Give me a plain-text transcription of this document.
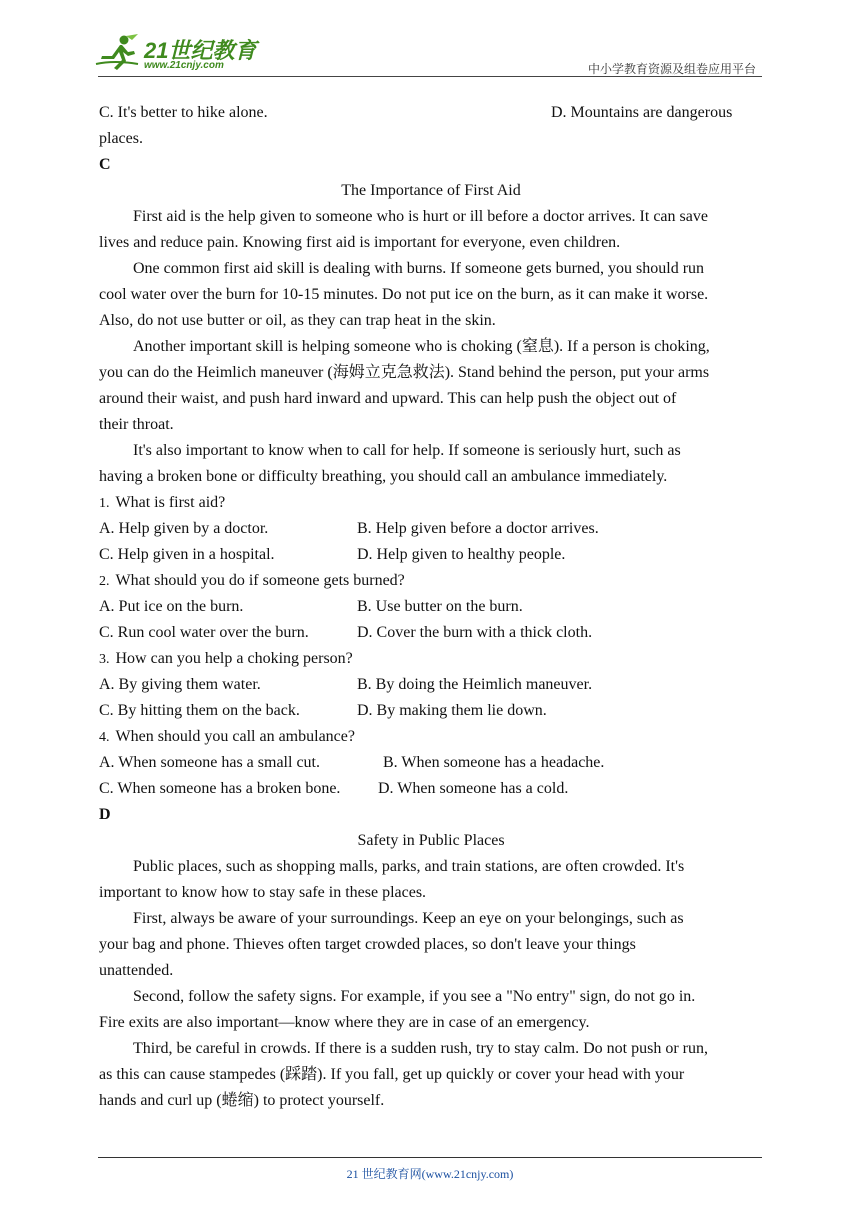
21世纪教育
www.21cnjy.com	中小学教育资源及组卷应用平台
C. It's better to hike alone.	D. Mountains are dangerous
places.
C
The Importance of First Aid
First aid is the help given to someone who is hurt or ill before a doctor arrives. It can save
lives and reduce pain. Knowing first aid is important for everyone, even children.
One common first aid skill is dealing with burns. If someone gets burned, you should run
cool water over the burn for 10-15 minutes. Do not put ice on the burn, as it can make it worse.
Also, do not use butter or oil, as they can trap heat in the skin.
Another important skill is helping someone who is choking (窒息). If a person is choking,
you can do the Heimlich maneuver (海姆立克急救法). Stand behind the person, put your arms
around their waist, and push hard inward and upward. This can help push the object out of
their throat.
It's also important to know when to call for help. If someone is seriously hurt, such as
having a broken bone or difficulty breathing, you should call an ambulance immediately.
1. What is first aid?
A. Help given by a doctor.	B. Help given before a doctor arrives.
C. Help given in a hospital.	D. Help given to healthy people.
2. What should you do if someone gets burned?
A. Put ice on the burn.	B. Use butter on the burn.
C. Run cool water over the burn.	D. Cover the burn with a thick cloth.
3. How can you help a choking person?
A. By giving them water.	B. By doing the Heimlich maneuver.
C. By hitting them on the back.	D. By making them lie down.
4. When should you call an ambulance?
A. When someone has a small cut.	B. When someone has a headache.
C. When someone has a broken bone. D. When someone has a cold.
D
Safety in Public Places
Public places, such as shopping malls, parks, and train stations, are often crowded. It's
important to know how to stay safe in these places.
First, always be aware of your surroundings. Keep an eye on your belongings, such as
your bag and phone. Thieves often target crowded places, so don't leave your things
unattended.
Second, follow the safety signs. For example, if you see a "No entry" sign, do not go in.
Fire exits are also important—know where they are in case of an emergency.
Third, be careful in crowds. If there is a sudden rush, try to stay calm. Do not push or run,
as this can cause stampedes (踩踏). If you fall, get up quickly or cover your head with your
hands and curl up (蜷缩) to protect yourself.
21 世纪教育网(www.21cnjy.com)
